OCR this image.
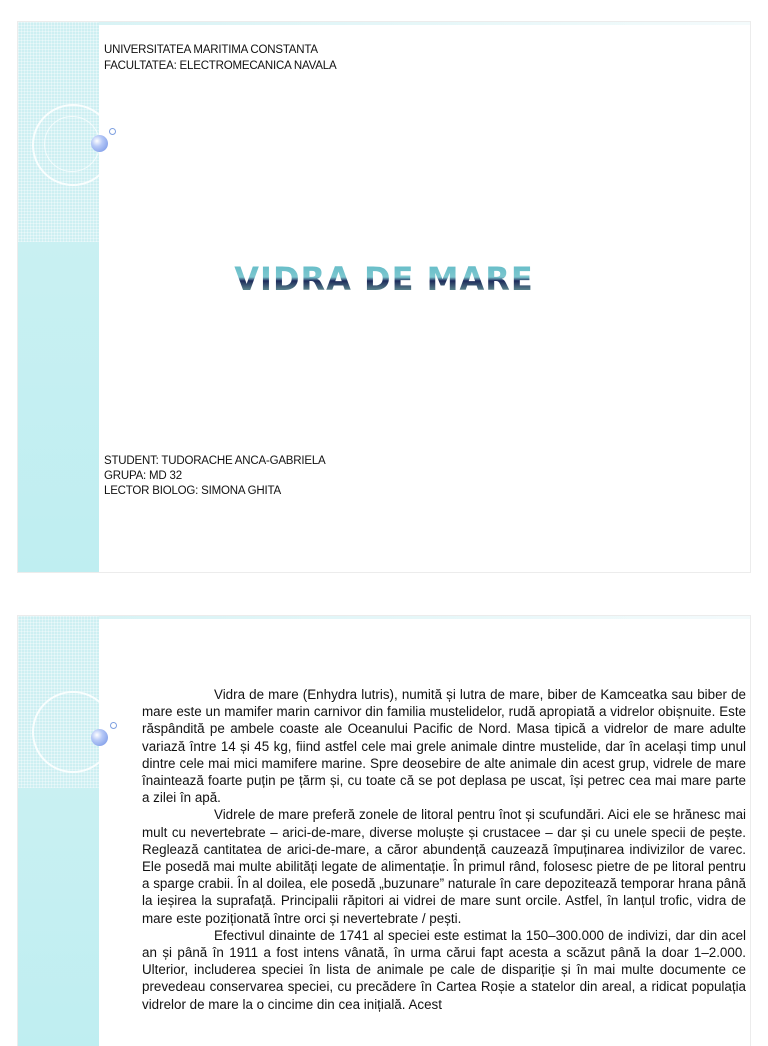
UNIVERSITATEA MARITIMA CONSTANTA
FACULTATEA: ELECTROMECANICA NAVALA
VIDRA DE MARE
STUDENT: TUDORACHE ANCA-GABRIELA
GRUPA: MD 32
LECTOR BIOLOG: SIMONA GHITA

Vidra de mare (Enhydra lutris), numită și lutra de mare, biber de Kamceatka sau biber de mare este un mamifer marin carnivor din familia mustelidelor, rudă apropiată a vidrelor obișnuite. Este răspândită pe ambele coaste ale Oceanului Pacific de Nord. Masa tipică a vidrelor de mare adulte variază între 14 și 45 kg, fiind astfel cele mai grele animale dintre mustelide, dar în același timp unul dintre cele mai mici mamifere marine. Spre deosebire de alte animale din acest grup, vidrele de mare înaintează foarte puțin pe țărm și, cu toate că se pot deplasa pe uscat, își petrec cea mai mare parte a zilei în apă.

Vidrele de mare preferă zonele de litoral pentru înot și scufundări. Aici ele se hrănesc mai mult cu nevertebrate – arici-de-mare, diverse moluște și crustacee – dar și cu unele specii de pește. Reglează cantitatea de arici-de-mare, a căror abundență cauzează împuținarea indivizilor de varec. Ele posedă mai multe abilități legate de alimentație. În primul rând, folosesc pietre de pe litoral pentru a sparge crabii. În al doilea, ele posedă „buzunare” naturale în care depozitează temporar hrana până la ieșirea la suprafață. Principalii răpitori ai vidrei de mare sunt orcile. Astfel, în lanțul trofic, vidra de mare este poziționată între orci și nevertebrate / pești.

Efectivul dinainte de 1741 al speciei este estimat la 150–300.000 de indivizi, dar din acel an și până în 1911 a fost intens vânată, în urma cărui fapt acesta a scăzut până la doar 1–2.000. Ulterior, includerea speciei în lista de animale pe cale de dispariție și în mai multe documente ce prevedeau conservarea speciei, cu precădere în Cartea Roșie a statelor din areal, a ridicat populația vidrelor de mare la o cincime din cea inițială. Acest
